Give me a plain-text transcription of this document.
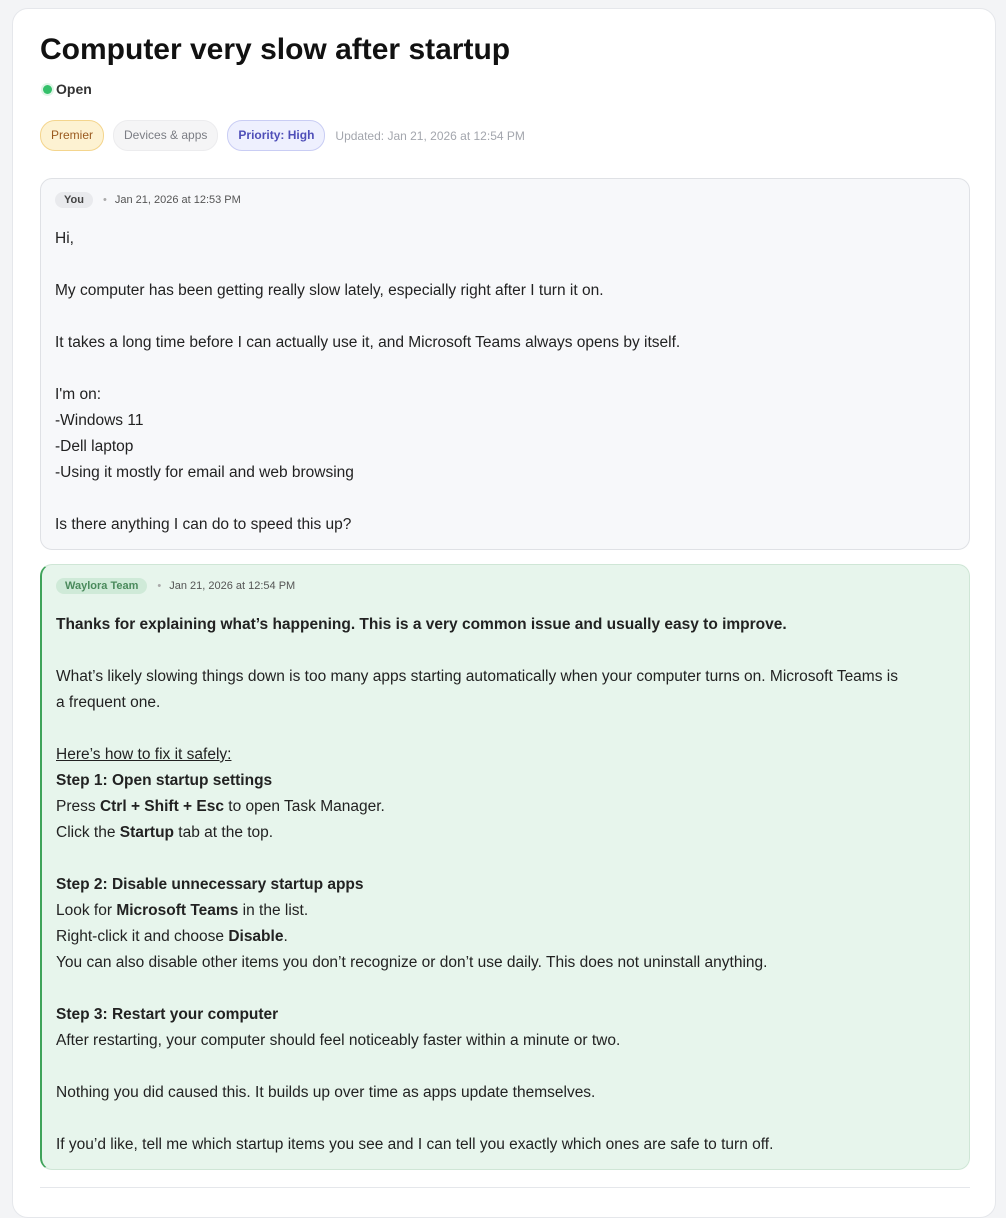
Computer very slow after startup
Open
Premier	Devices & apps	Priority: High	Updated: Jan 21, 2026 at 12:54 PM
You	• Jan 21, 2026 at 12:53 PM
Hi,
My computer has been getting really slow lately, especially right after I turn it on.
It takes a long time before I can actually use it, and Microsoft Teams always opens by itself.
I'm on:
-Windows 11
-Dell laptop
-Using it mostly for email and web browsing
Is there anything I can do to speed this up?
Waylora Team	• Jan 21, 2026 at 12:54 PM
Thanks for explaining what’s happening. This is a very common issue and usually easy to improve.
What’s likely slowing things down is too many apps starting automatically when your computer turns on. Microsoft Teams is
a frequent one.
Here’s how to fix it safely:
Step 1: Open startup settings
Press Ctrl + Shift + Esc to open Task Manager.
Click the Startup tab at the top.
Step 2: Disable unnecessary startup apps
Look for Microsoft Teams in the list.
Right-click it and choose Disable.
You can also disable other items you don’t recognize or don’t use daily. This does not uninstall anything.
Step 3: Restart your computer
After restarting, your computer should feel noticeably faster within a minute or two.
Nothing you did caused this. It builds up over time as apps update themselves.
If you’d like, tell me which startup items you see and I can tell you exactly which ones are safe to turn off.
